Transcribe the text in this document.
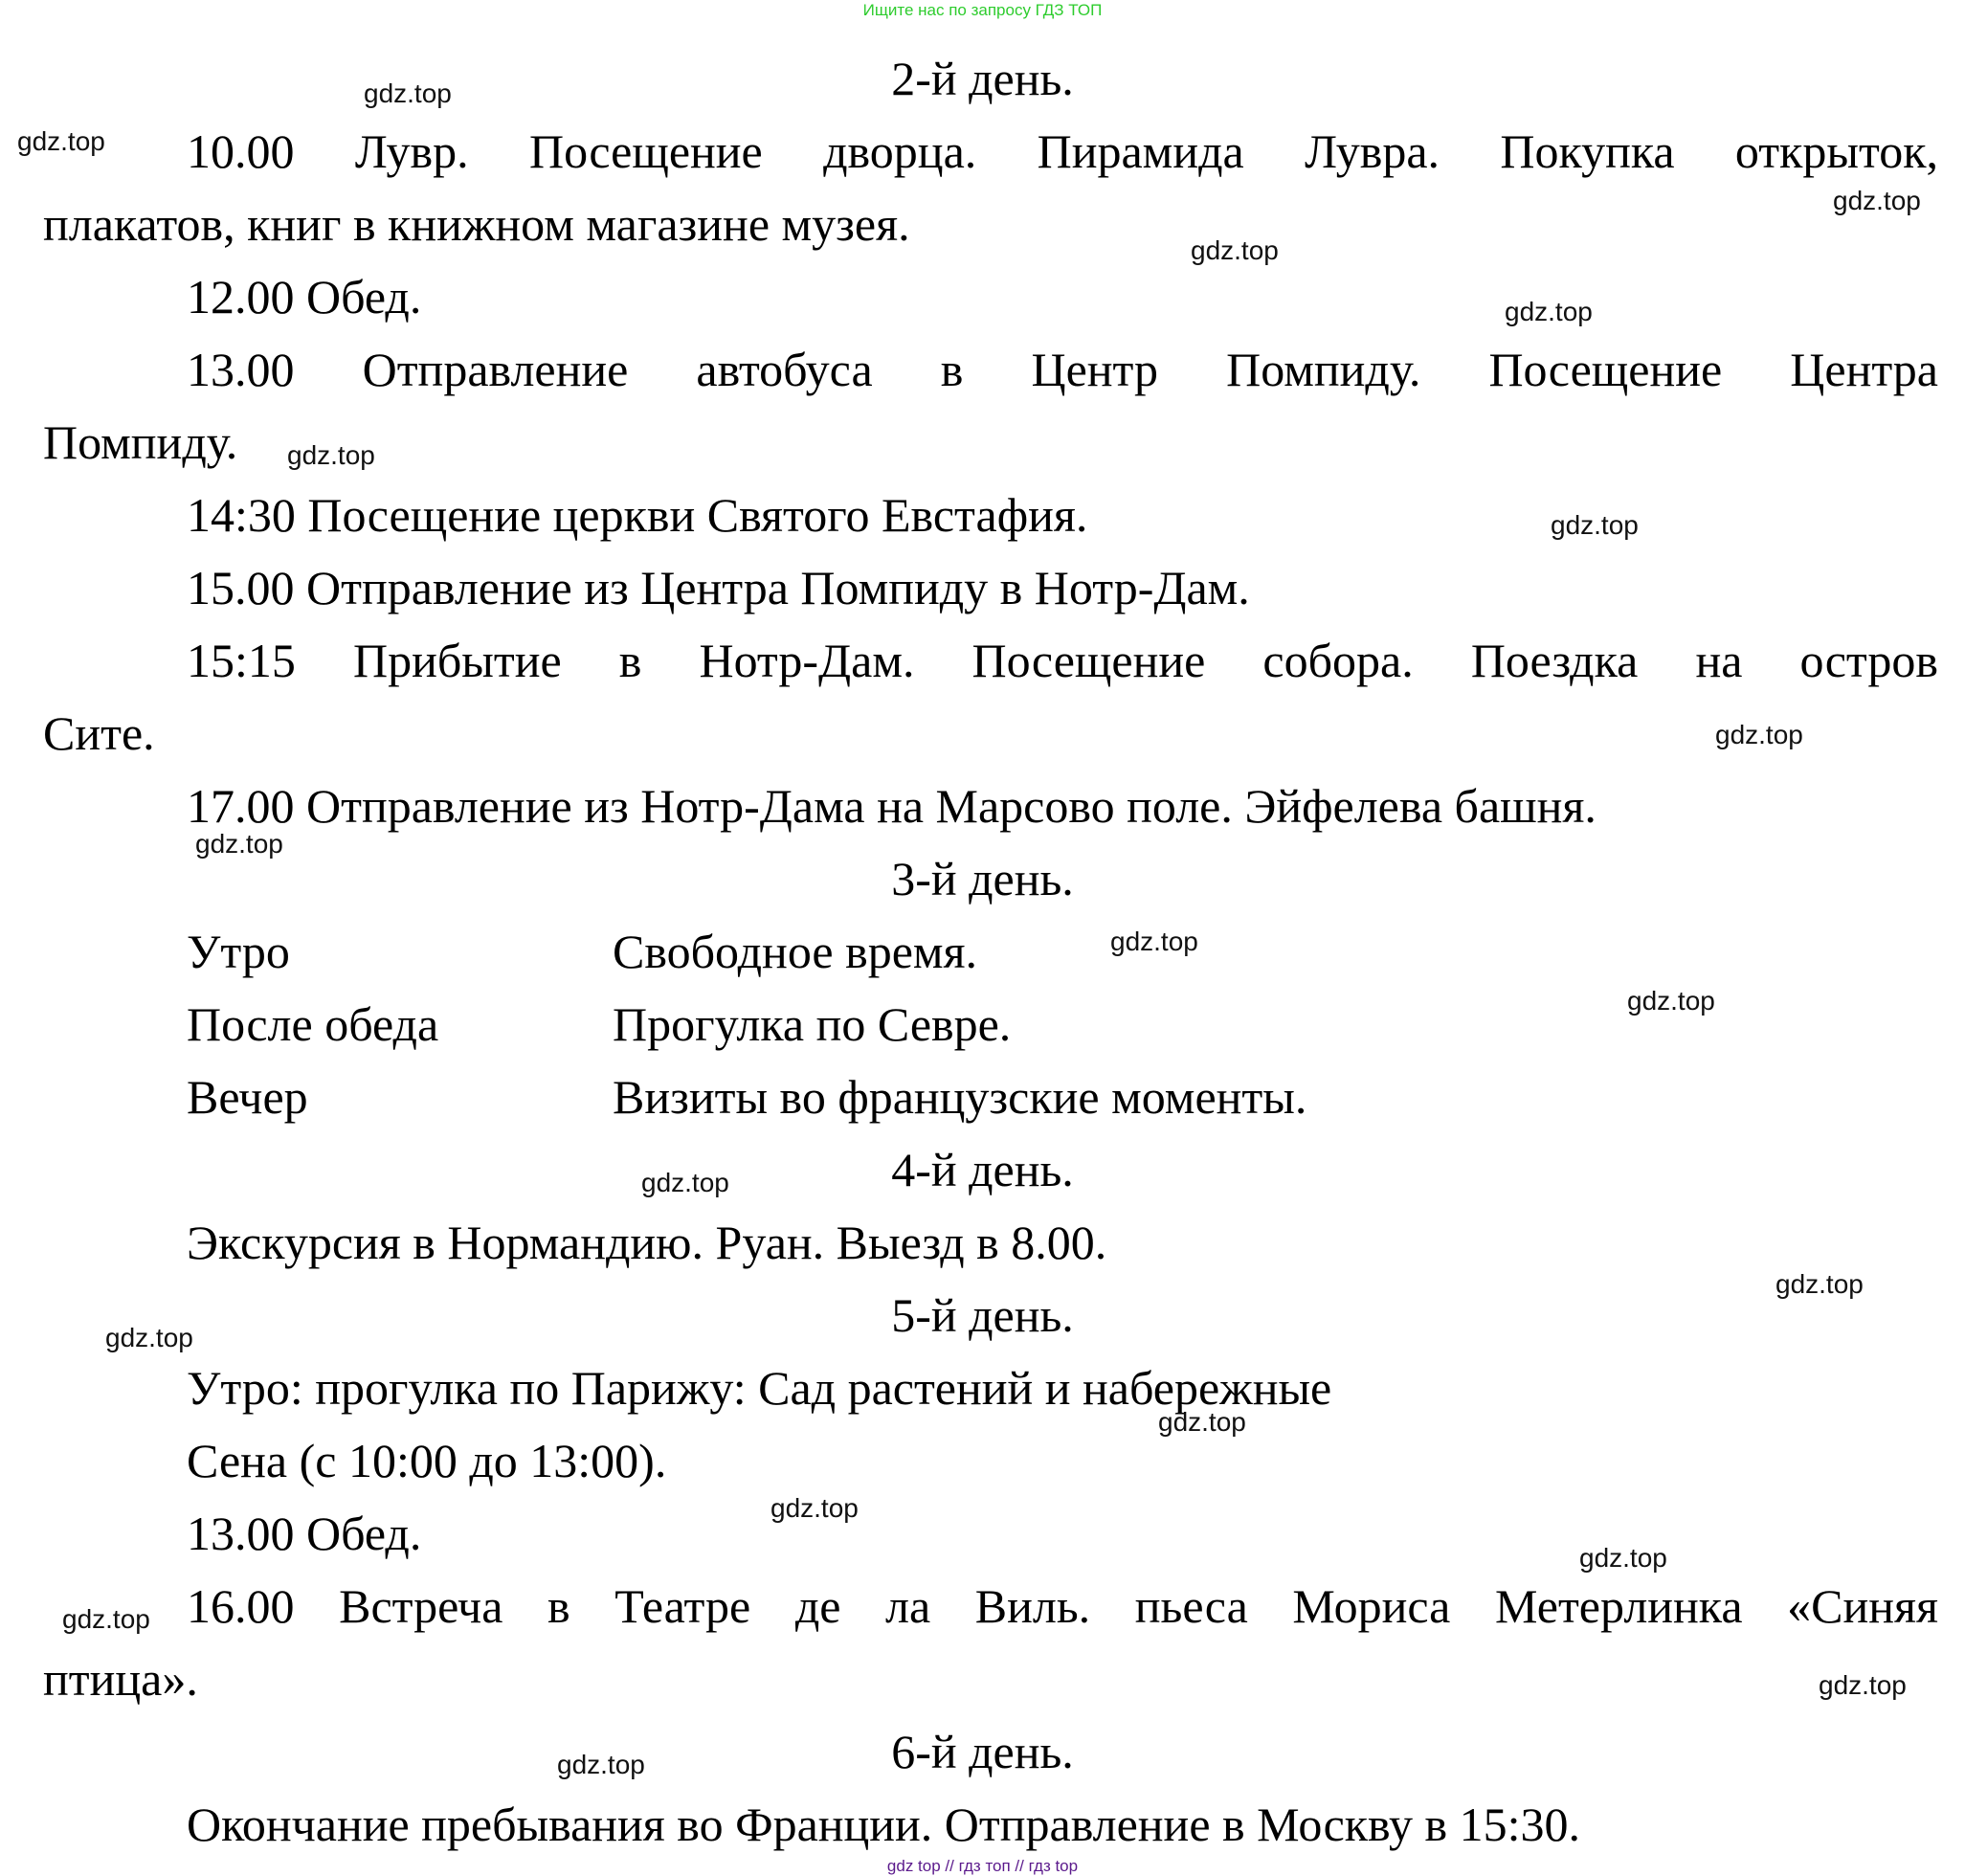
Ищите нас по запросу ГДЗ ТОП
2-й день.
10.00 Лувр. Посещение дворца. Пирамида Лувра. Покупка открыток,
плакатов, книг в книжном магазине музея.
12.00 Обед.
13.00 Отправление автобуса в Центр Помпиду. Посещение Центра
Помпиду.
14:30 Посещение церкви Святого Евстафия.
15.00 Отправление из Центра Помпиду в Нотр-Дам.
15:15 Прибытие в Нотр-Дам. Посещение собора. Поездка на остров
Сите.
17.00 Отправление из Нотр-Дама на Марсово поле. Эйфелева башня.
3-й день.
Утро	Свободное время.
После обеда	Прогулка по Севре.
Вечер	Визиты во французские моменты.
4-й день.
Экскурсия в Нормандию. Руан. Выезд в 8.00.
5-й день.
Утро: прогулка по Парижу: Сад растений и набережные
Сена (с 10:00 до 13:00).
13.00 Обед.
16.00 Встреча в Театре де ла Виль. пьеса Мориса Метерлинка «Синяя
птица».
6-й день.
Окончание пребывания во Франции. Отправление в Москву в 15:30.
gdz.top
gdz.top
gdz.top
gdz.top
gdz.top
gdz.top
gdz.top
gdz.top
gdz.top
gdz.top
gdz.top
gdz.top
gdz.top
gdz.top
gdz.top
gdz.top
gdz.top
gdz.top
gdz.top
gdz.top
gdz top // гдз топ // гдз top
